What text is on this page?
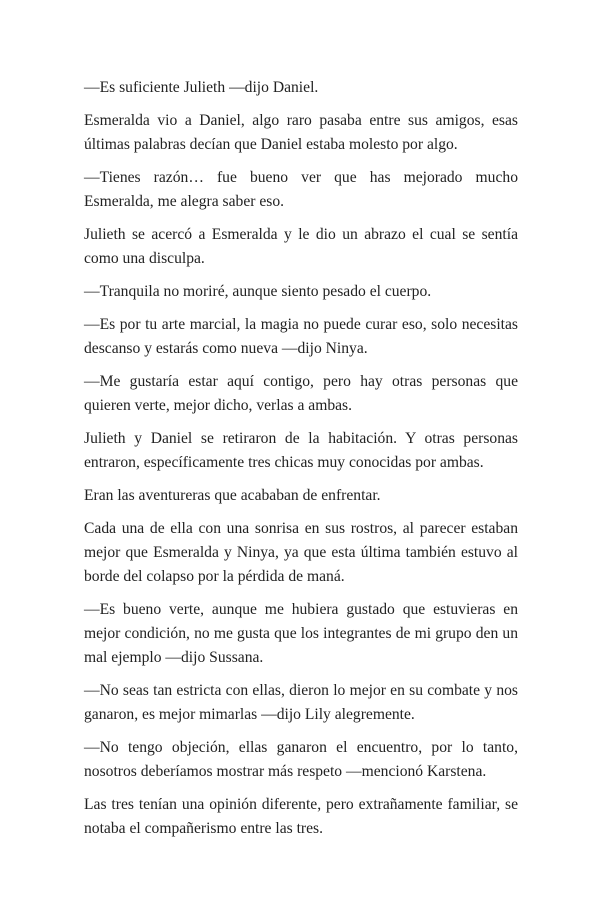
—Es suficiente Julieth —dijo Daniel.

Esmeralda vio a Daniel, algo raro pasaba entre sus amigos, esas últimas palabras decían que Daniel estaba molesto por algo.

—Tienes razón… fue bueno ver que has mejorado mucho Esmeralda, me alegra saber eso.

Julieth se acercó a Esmeralda y le dio un abrazo el cual se sentía como una disculpa.

—Tranquila no moriré, aunque siento pesado el cuerpo.

—Es por tu arte marcial, la magia no puede curar eso, solo necesitas descanso y estarás como nueva —dijo Ninya.

—Me gustaría estar aquí contigo, pero hay otras personas que quieren verte, mejor dicho, verlas a ambas.

Julieth y Daniel se retiraron de la habitación. Y otras personas entraron, específicamente tres chicas muy conocidas por ambas.

Eran las aventureras que acababan de enfrentar.

Cada una de ella con una sonrisa en sus rostros, al parecer estaban mejor que Esmeralda y Ninya, ya que esta última también estuvo al borde del colapso por la pérdida de maná.

—Es bueno verte, aunque me hubiera gustado que estuvieras en mejor condición, no me gusta que los integrantes de mi grupo den un mal ejemplo —dijo Sussana.

—No seas tan estricta con ellas, dieron lo mejor en su combate y nos ganaron, es mejor mimarlas —dijo Lily alegremente.

—No tengo objeción, ellas ganaron el encuentro, por lo tanto, nosotros deberíamos mostrar más respeto —mencionó Karstena.

Las tres tenían una opinión diferente, pero extrañamente familiar, se notaba el compañerismo entre las tres.
